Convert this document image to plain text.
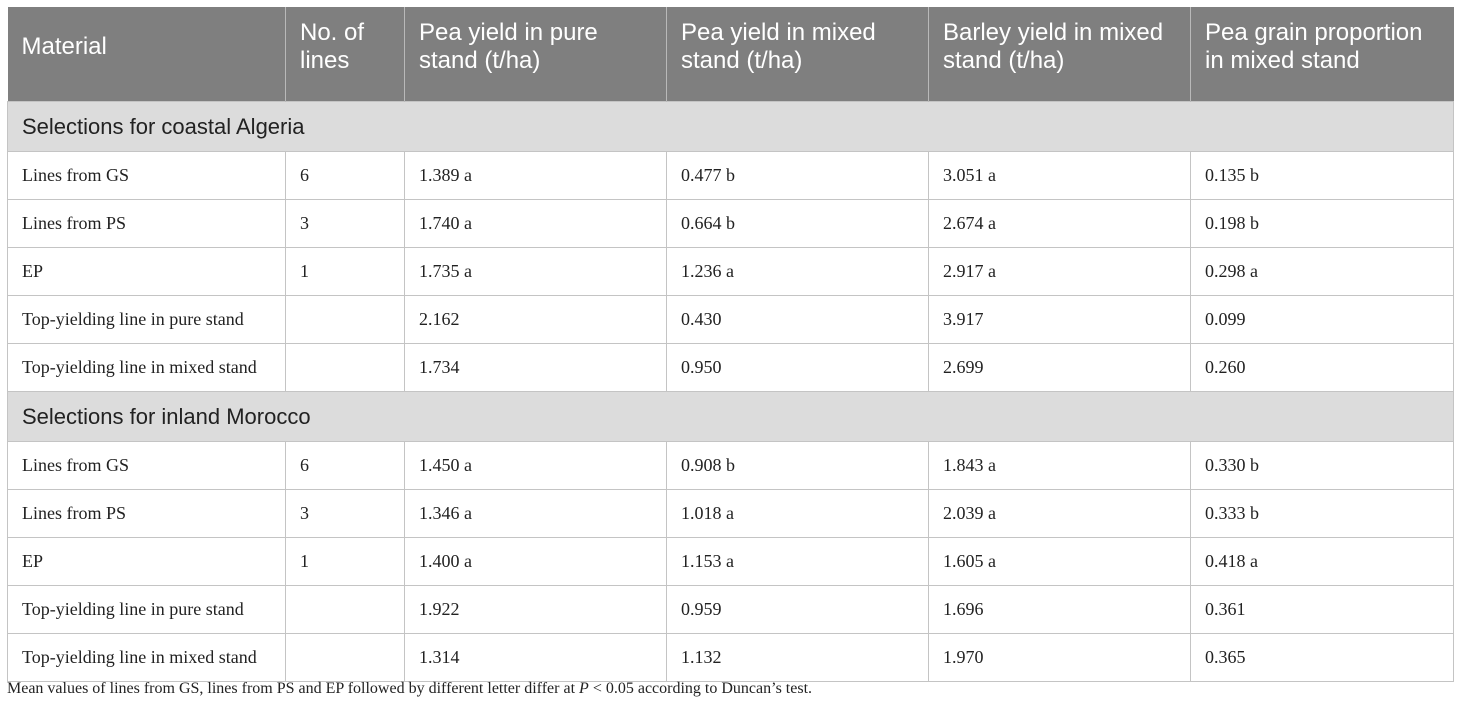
Material	No. of lines	Pea yield in pure stand (t/ha)	Pea yield in mixed stand (t/ha)	Barley yield in mixed stand (t/ha)	Pea grain proportion in mixed stand
Selections for coastal Algeria					
Lines from GS	6	1.389 a	0.477 b	3.051 a	0.135 b
Lines from PS	3	1.740 a	0.664 b	2.674 a	0.198 b
EP	1	1.735 a	1.236 a	2.917 a	0.298 a
Top-yielding line in pure stand		2.162	0.430	3.917	0.099
Top-yielding line in mixed stand		1.734	0.950	2.699	0.260
Selections for inland Morocco					
Lines from GS	6	1.450 a	0.908 b	1.843 a	0.330 b
Lines from PS	3	1.346 a	1.018 a	2.039 a	0.333 b
EP	1	1.400 a	1.153 a	1.605 a	0.418 a
Top-yielding line in pure stand		1.922	0.959	1.696	0.361
Top-yielding line in mixed stand		1.314	1.132	1.970	0.365
Mean values of lines from GS, lines from PS and EP followed by different letter differ at P < 0.05 according to Duncan’s test.
